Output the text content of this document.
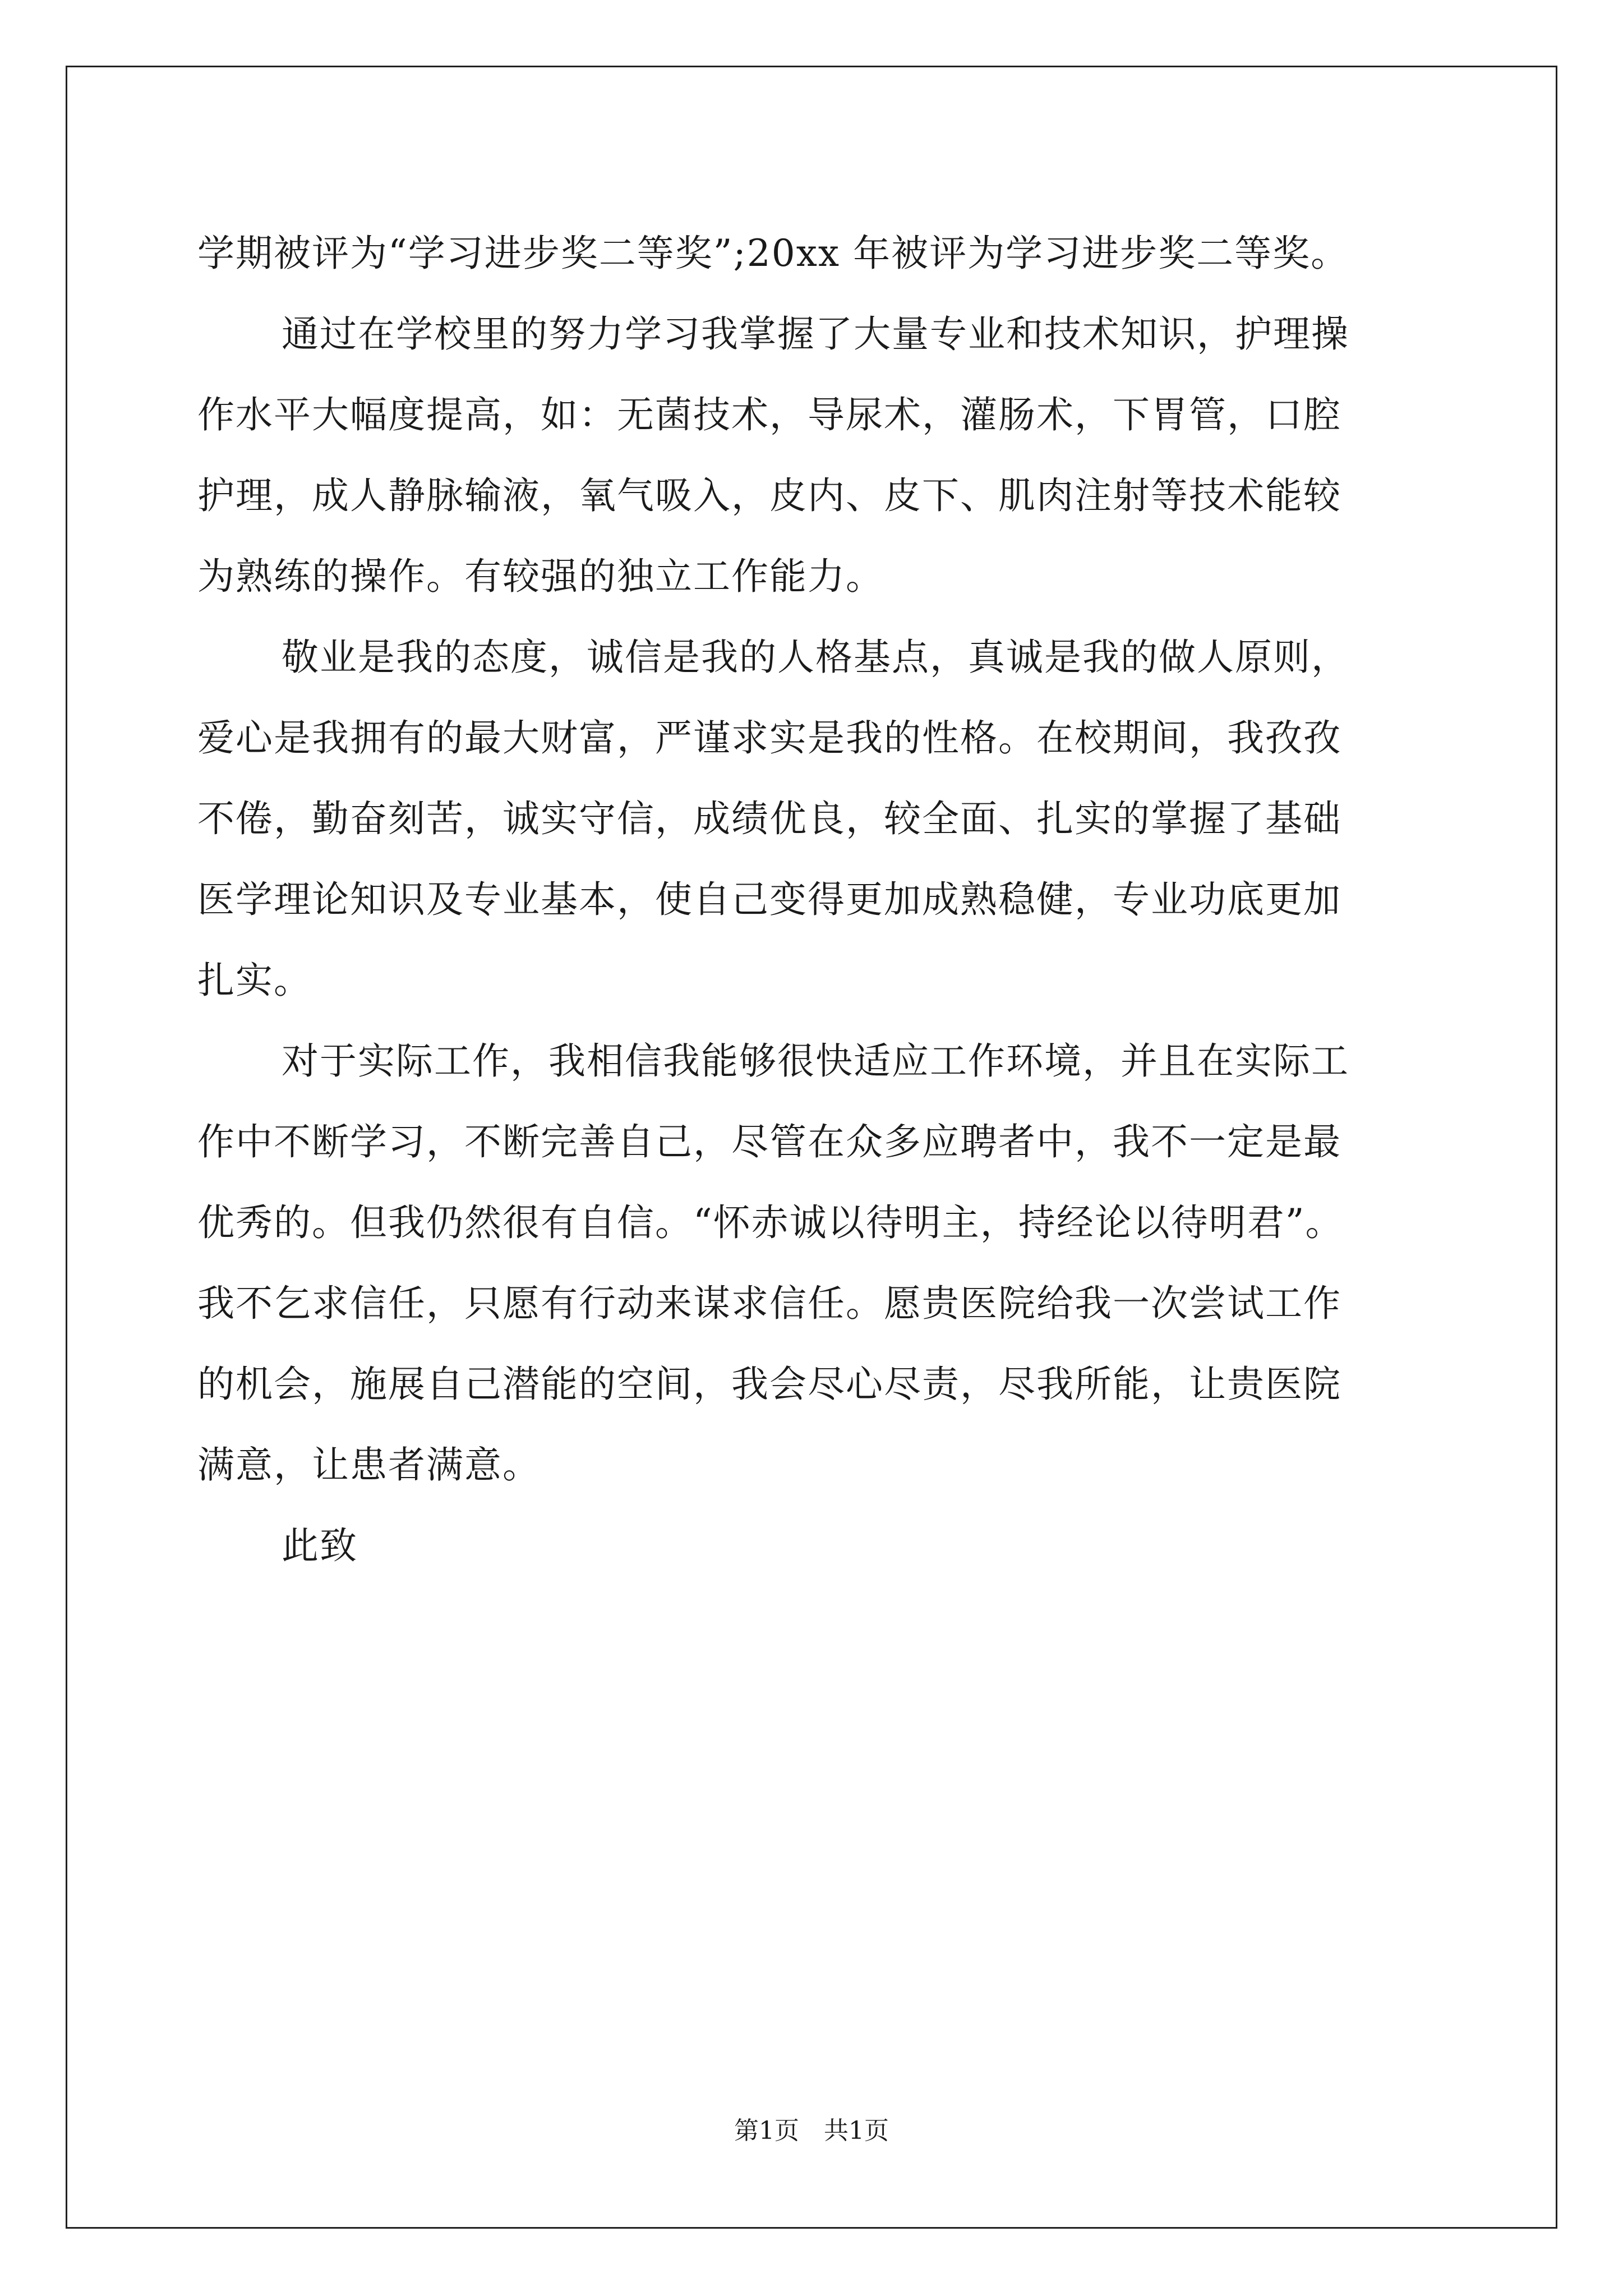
学期被评为“学习进步奖二等奖”;20xx 年被评为学习进步奖二等奖。
通过在学校里的努力学习我掌握了大量专业和技术知识，护理操
作水平大幅度提高，如：无菌技术，导尿术，灌肠术，下胃管，口腔
护理，成人静脉输液，氧气吸入，皮内、皮下、肌肉注射等技术能较
为熟练的操作。有较强的独立工作能力。
敬业是我的态度，诚信是我的人格基点，真诚是我的做人原则，
爱心是我拥有的最大财富，严谨求实是我的性格。在校期间，我孜孜
不倦，勤奋刻苦，诚实守信，成绩优良，较全面、扎实的掌握了基础
医学理论知识及专业基本，使自己变得更加成熟稳健，专业功底更加
扎实。
对于实际工作，我相信我能够很快适应工作环境，并且在实际工
作中不断学习，不断完善自己，尽管在众多应聘者中，我不一定是最
优秀的。但我仍然很有自信。“怀赤诚以待明主，持经论以待明君”。
我不乞求信任，只愿有行动来谋求信任。愿贵医院给我一次尝试工作
的机会，施展自己潜能的空间，我会尽心尽责，尽我所能，让贵医院
满意，让患者满意。
此致
第1页　共1页
